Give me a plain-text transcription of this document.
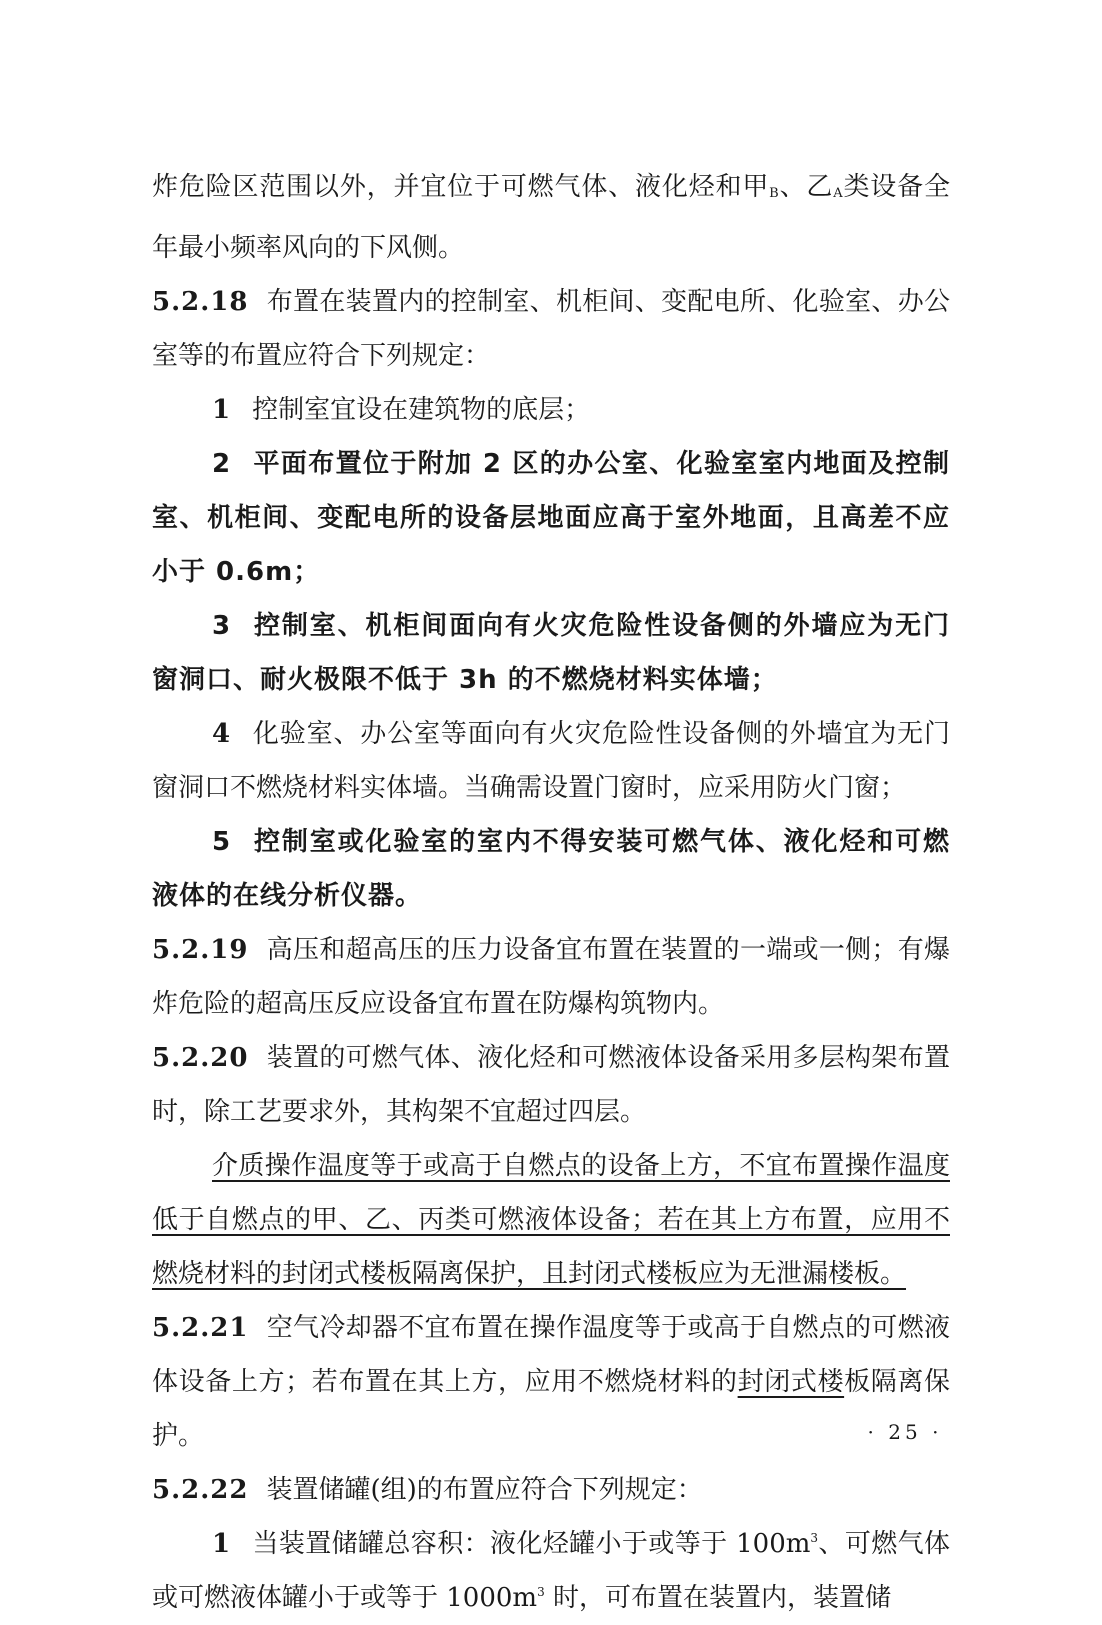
炸危险区范围以外，并宜位于可燃气体、液化烃和甲$_B$、乙$_A$类设备全年最小频率风向的下风侧。

5.2.18 布置在装置内的控制室、机柜间、变配电所、化验室、办公室等的布置应符合下列规定：

1 控制室宜设在建筑物的底层；

2 平面布置位于附加 2 区的办公室、化验室室内地面及控制室、机柜间、变配电所的设备层地面应高于室外地面，且高差不应小于 0.6m；

3 控制室、机柜间面向有火灾危险性设备侧的外墙应为无门窗洞口、耐火极限不低于 3h 的不燃烧材料实体墙；

4 化验室、办公室等面向有火灾危险性设备侧的外墙宜为无门窗洞口不燃烧材料实体墙。当确需设置门窗时，应采用防火门窗；

5 控制室或化验室的室内不得安装可燃气体、液化烃和可燃液体的在线分析仪器。

5.2.19 高压和超高压的压力设备宜布置在装置的一端或一侧；有爆炸危险的超高压反应设备宜布置在防爆构筑物内。

5.2.20 装置的可燃气体、液化烃和可燃液体设备采用多层构架布置时，除工艺要求外，其构架不宜超过四层。

介质操作温度等于或高于自燃点的设备上方，不宜布置操作温度低于自燃点的甲、乙、丙类可燃液体设备；若在其上方布置，应用不燃烧材料的封闭式楼板隔离保护，且封闭式楼板应为无泄漏楼板。

5.2.21 空气冷却器不宜布置在操作温度等于或高于自燃点的可燃液体设备上方；若布置在其上方，应用不燃烧材料的封闭式楼板隔离保护。

5.2.22 装置储罐(组)的布置应符合下列规定：

1 当装置储罐总容积：液化烃罐小于或等于 $100m^3$、可燃气体或可燃液体罐小于或等于 $1000m^3$ 时，可布置在装置内，装置储

· 25 ·
